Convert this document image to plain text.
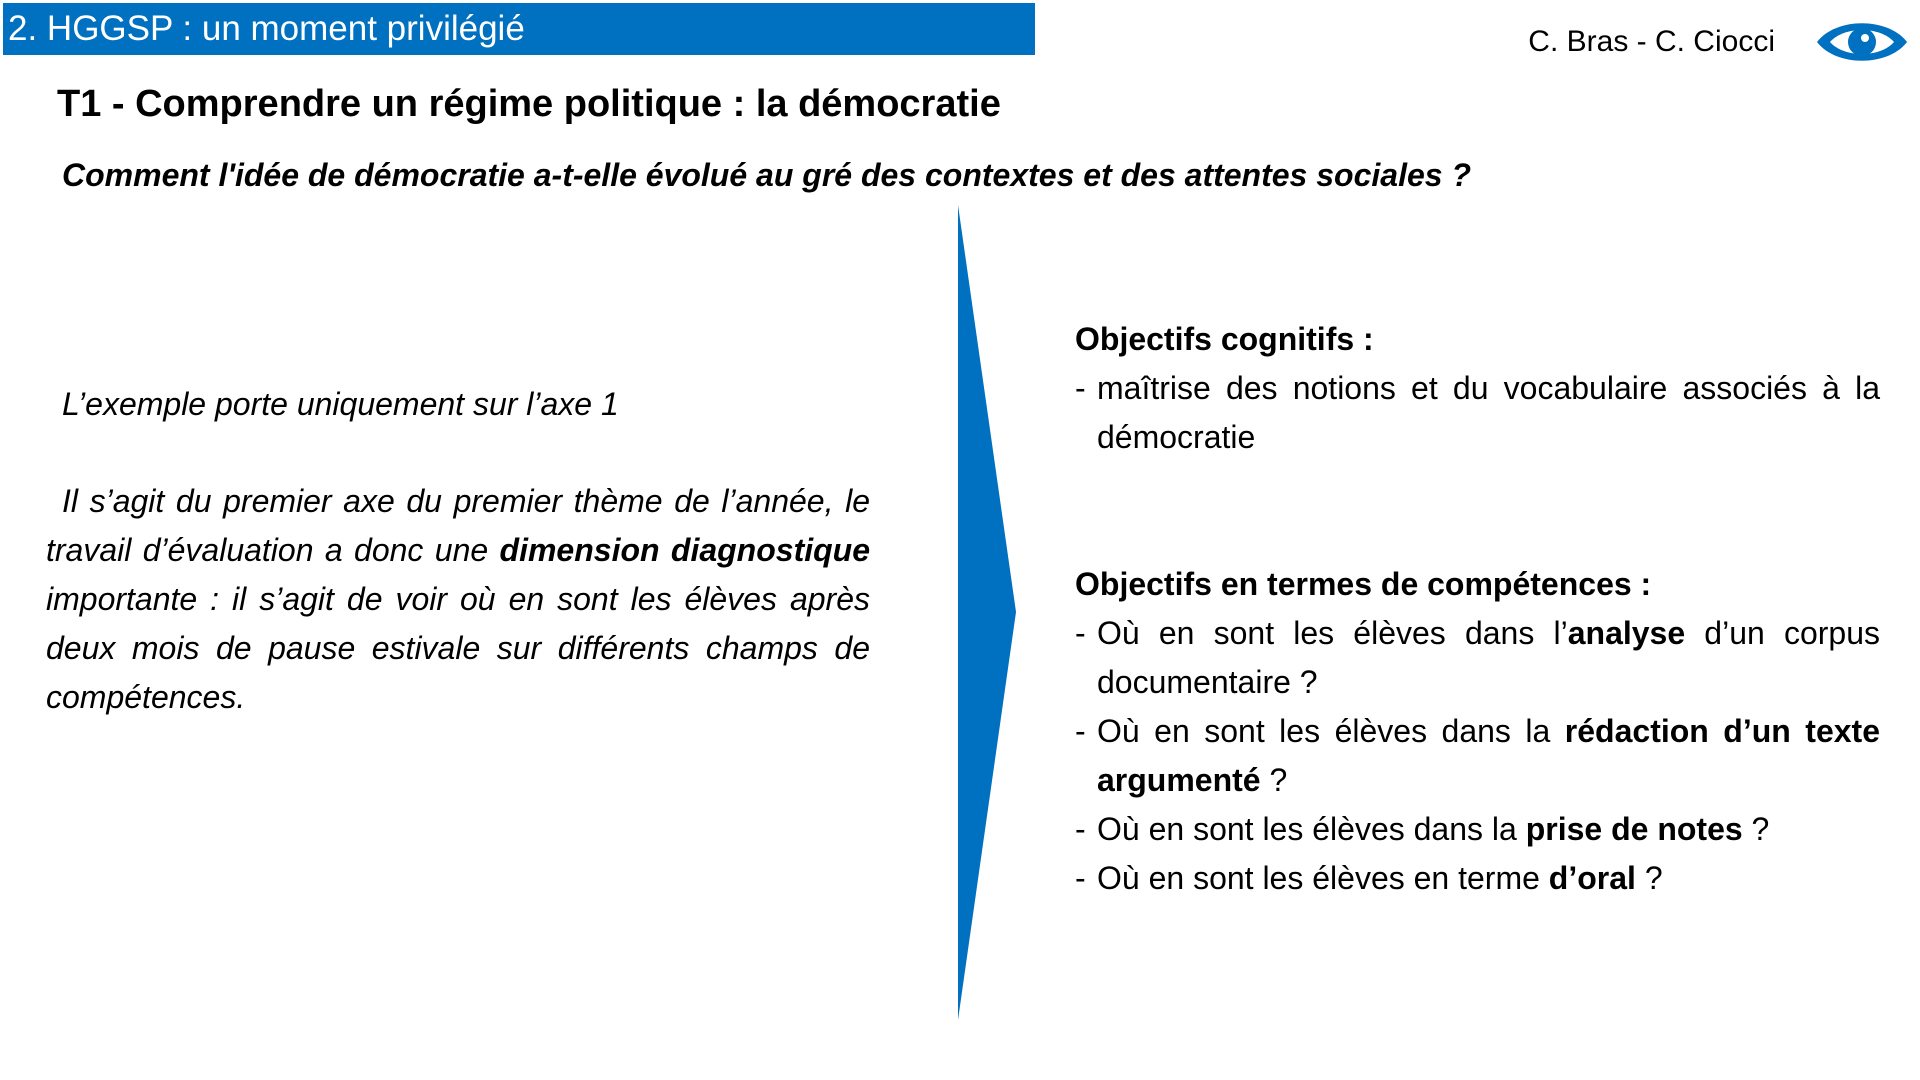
2. HGGSP : un moment privilégié	C. Bras - C. Ciocci
T1 - Comprendre un régime politique : la démocratie
Comment l'idée de démocratie a-t-elle évolué au gré des contextes et des attentes sociales ?
L’exemple porte uniquement sur l’axe 1
Il s’agit du premier axe du premier thème de l’année, le travail d’évaluation a donc une dimension diagnostique importante : il s’agit de voir où en sont les élèves après deux mois de pause estivale sur différents champs de compétences.
Objectifs cognitifs :
- maîtrise des notions et du vocabulaire associés à la démocratie
Objectifs en termes de compétences :
- Où en sont les élèves dans l’analyse d’un corpus documentaire ?
- Où en sont les élèves dans la rédaction d’un texte argumenté ?
- Où en sont les élèves dans la prise de notes ?
- Où en sont les élèves en terme d’oral ?
